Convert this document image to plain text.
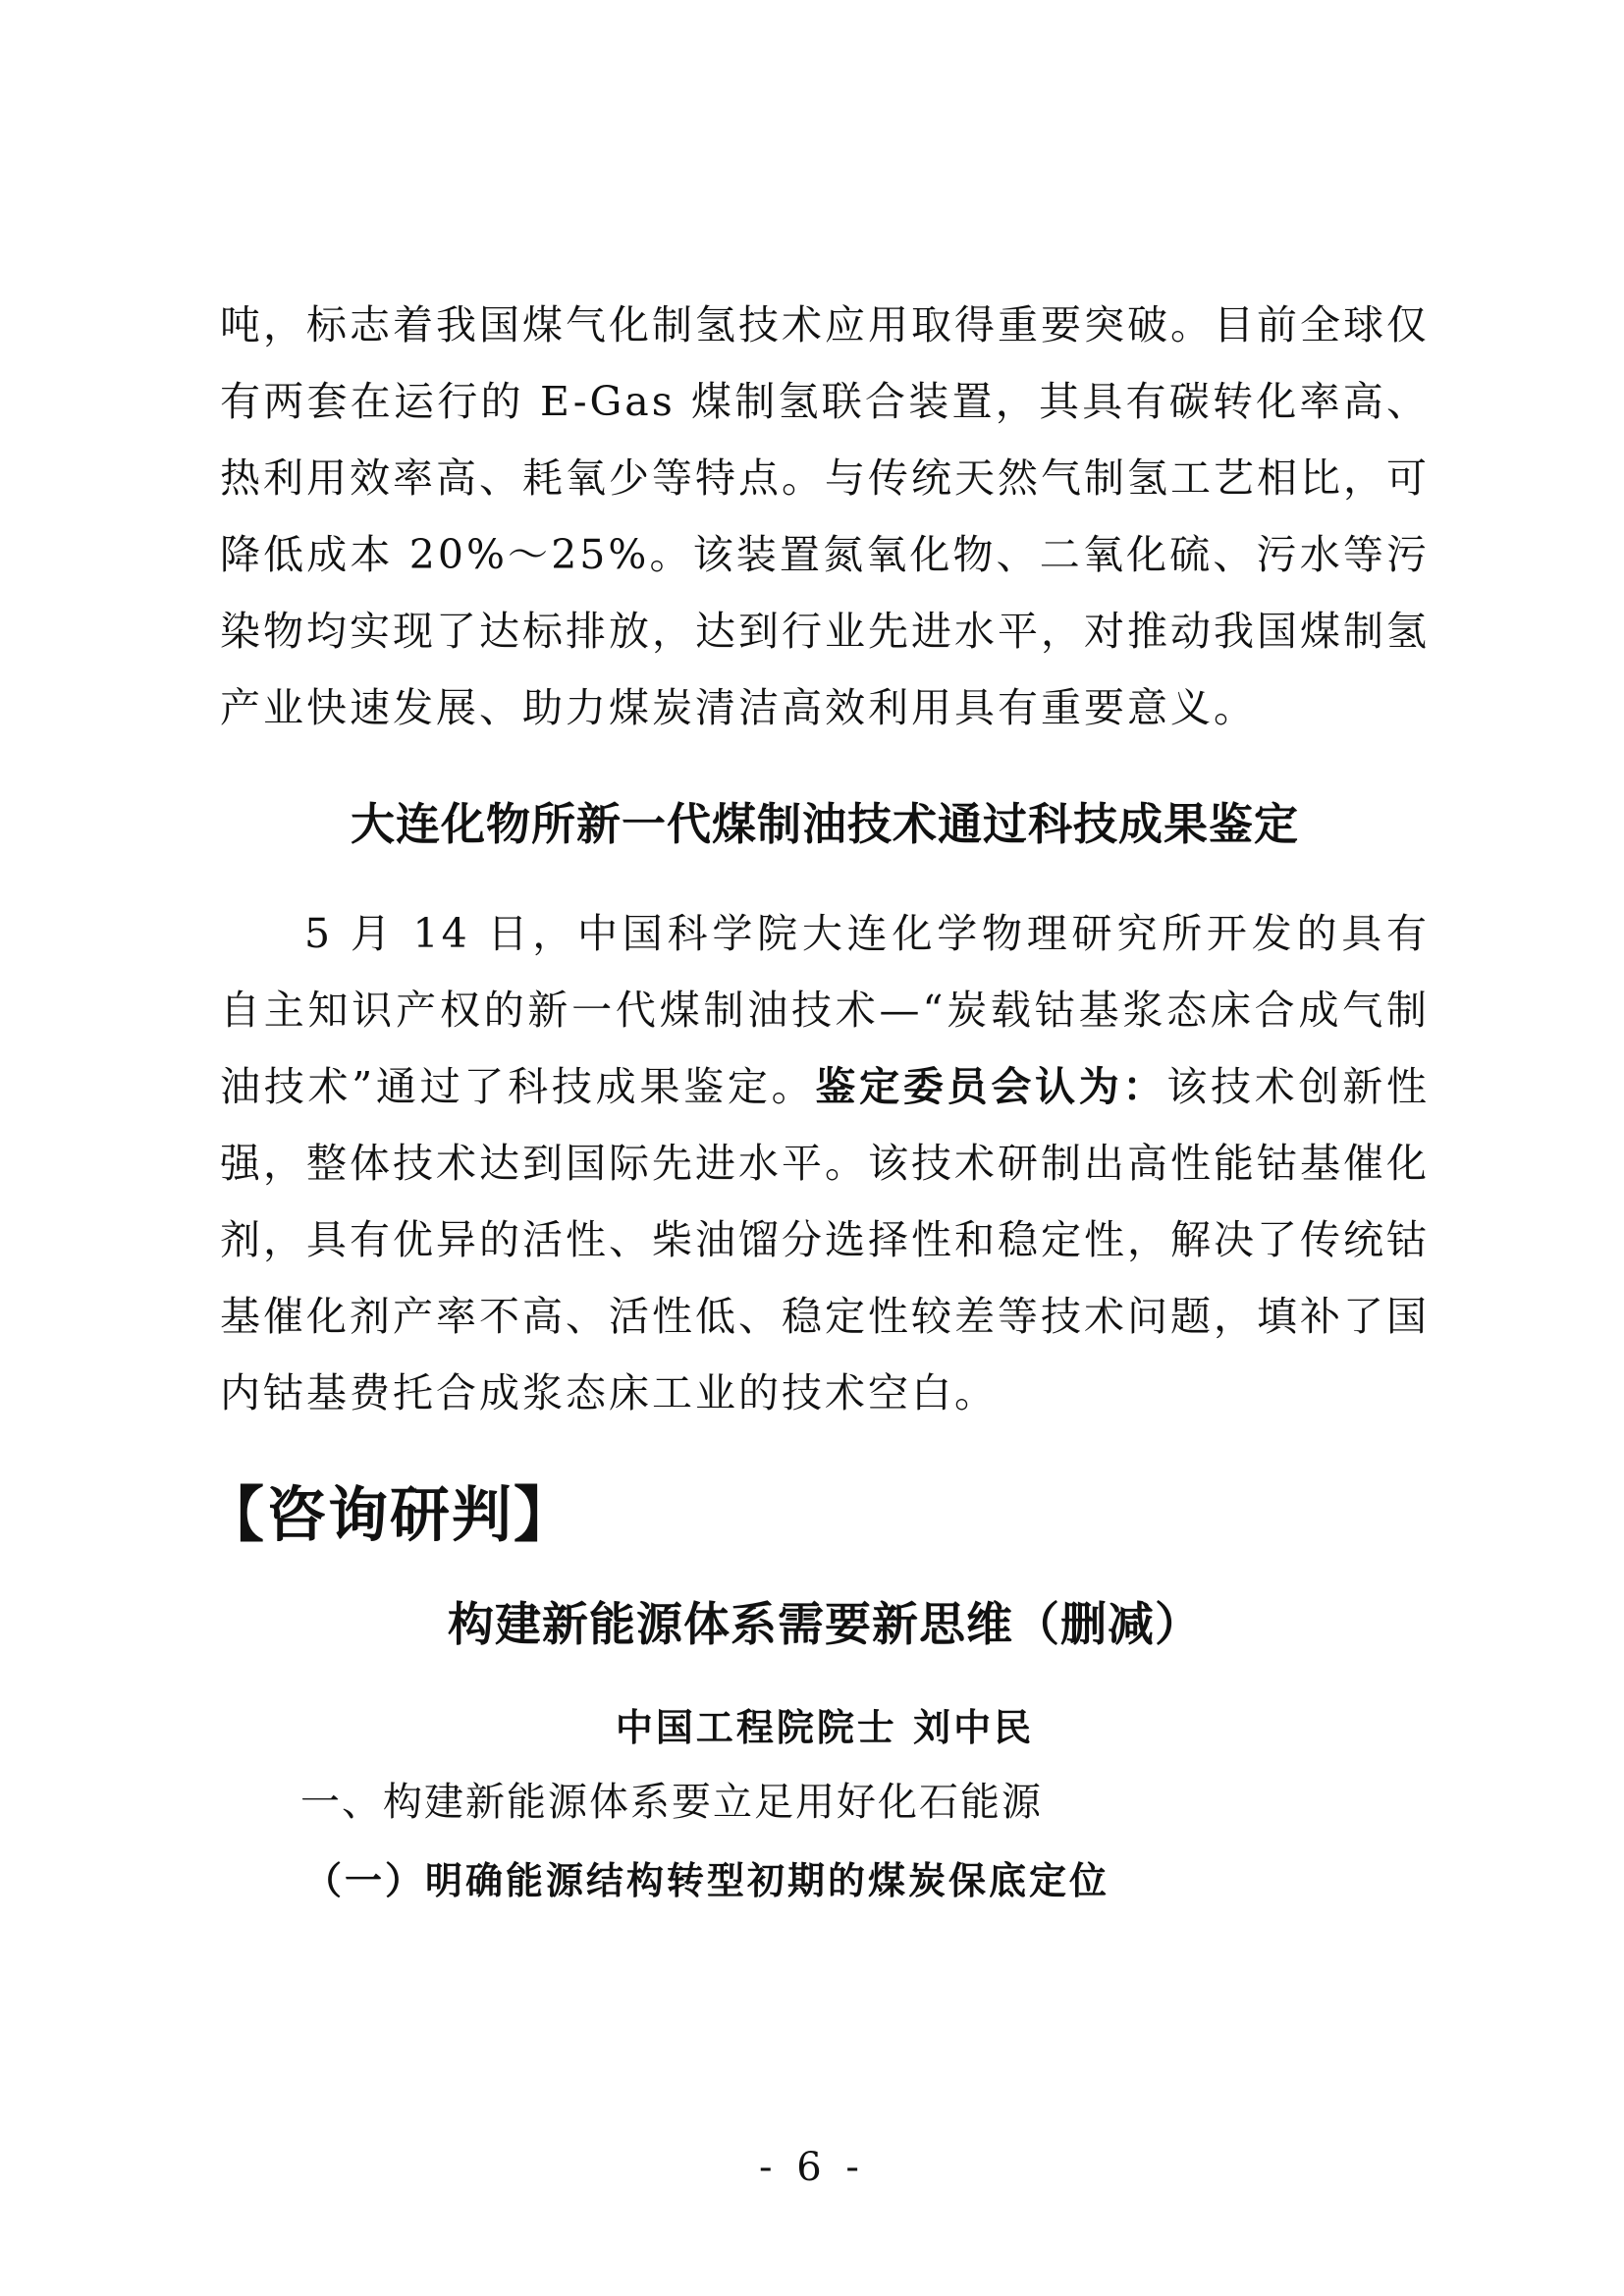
吨，标志着我国煤气化制氢技术应用取得重要突破。目前全球仅有两套在运行的 E-Gas 煤制氢联合装置，其具有碳转化率高、热利用效率高、耗氧少等特点。与传统天然气制氢工艺相比，可降低成本 20%～25%。该装置氮氧化物、二氧化硫、污水等污染物均实现了达标排放，达到行业先进水平，对推动我国煤制氢产业快速发展、助力煤炭清洁高效利用具有重要意义。

大连化物所新一代煤制油技术通过科技成果鉴定

5 月 14 日，中国科学院大连化学物理研究所开发的具有自主知识产权的新一代煤制油技术—“炭载钴基浆态床合成气制油技术”通过了科技成果鉴定。鉴定委员会认为：该技术创新性强，整体技术达到国际先进水平。该技术研制出高性能钴基催化剂，具有优异的活性、柴油馏分选择性和稳定性，解决了传统钴基催化剂产率不高、活性低、稳定性较差等技术问题，填补了国内钴基费托合成浆态床工业的技术空白。

【咨询研判】
构建新能源体系需要新思维（删减）
中国工程院院士 刘中民
一、构建新能源体系要立足用好化石能源
（一）明确能源结构转型初期的煤炭保底定位
- 6 -
